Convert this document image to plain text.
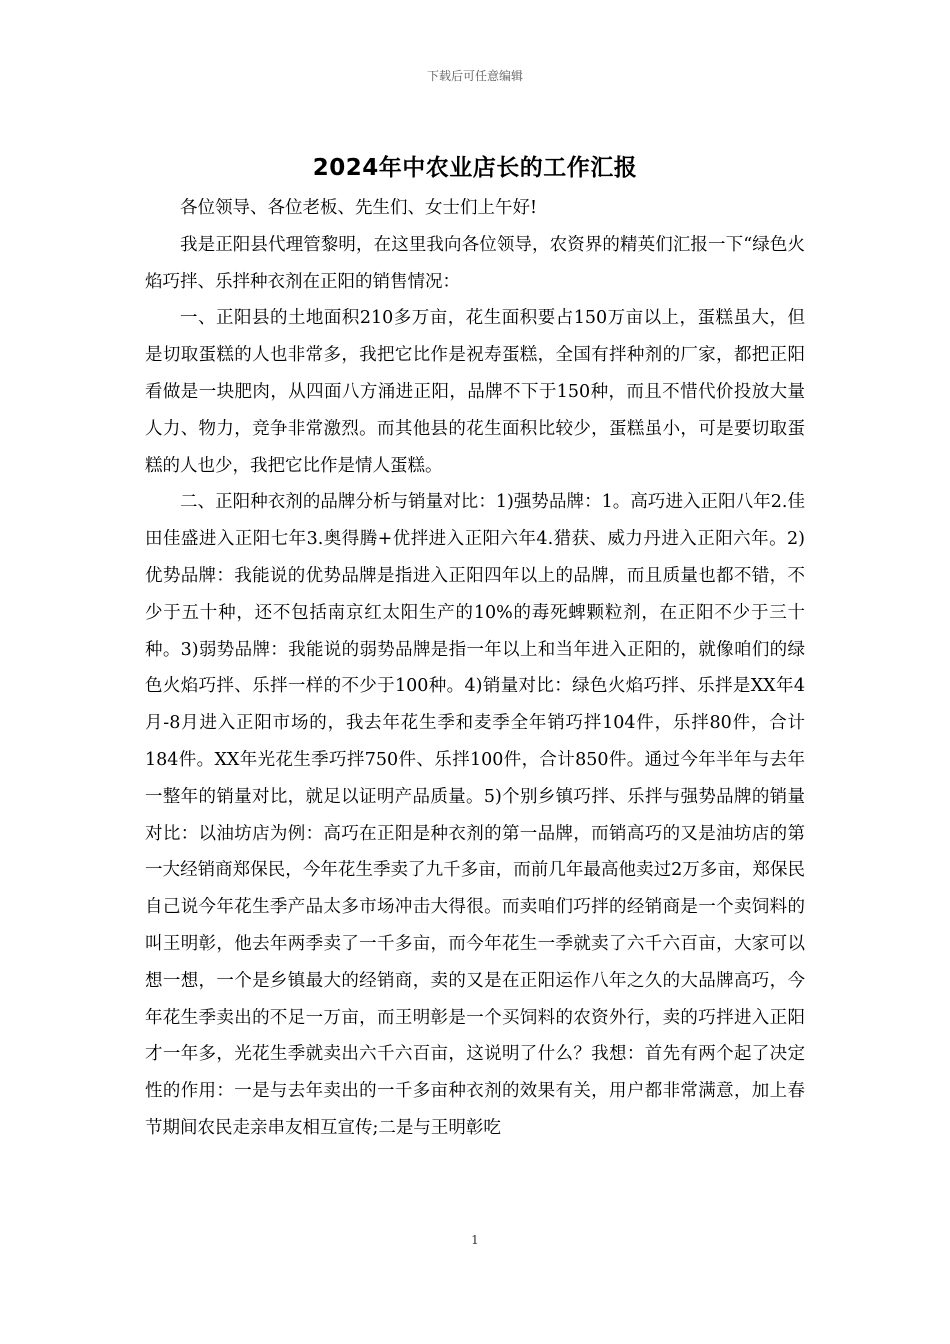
下载后可任意编辑
2024年中农业店长的工作汇报

各位领导、各位老板、先生们、女士们上午好!

我是正阳县代理管黎明，在这里我向各位领导，农资界的精英们汇报一下“绿色火焰巧拌、乐拌种衣剂在正阳的销售情况：

一、正阳县的土地面积210多万亩，花生面积要占150万亩以上，蛋糕虽大，但是切取蛋糕的人也非常多，我把它比作是祝寿蛋糕，全国有拌种剂的厂家，都把正阳看做是一块肥肉，从四面八方涌进正阳，品牌不下于150种，而且不惜代价投放大量人力、物力，竞争非常激烈。而其他县的花生面积比较少，蛋糕虽小，可是要切取蛋糕的人也少，我把它比作是情人蛋糕。

二、正阳种衣剂的品牌分析与销量对比：1)强势品牌：1。高巧进入正阳八年2.佳田佳盛进入正阳七年3.奥得腾+优拌进入正阳六年4.猎获、威力丹进入正阳六年。2)优势品牌：我能说的优势品牌是指进入正阳四年以上的品牌，而且质量也都不错，不少于五十种，还不包括南京红太阳生产的10%的毒死蜱颗粒剂，在正阳不少于三十种。3)弱势品牌：我能说的弱势品牌是指一年以上和当年进入正阳的，就像咱们的绿色火焰巧拌、乐拌一样的不少于100种。4)销量对比：绿色火焰巧拌、乐拌是XX年4月-8月进入正阳市场的，我去年花生季和麦季全年销巧拌104件，乐拌80件，合计184件。XX年光花生季巧拌750件、乐拌100件，合计850件。通过今年半年与去年一整年的销量对比，就足以证明产品质量。5)个别乡镇巧拌、乐拌与强势品牌的销量对比：以油坊店为例：高巧在正阳是种衣剂的第一品牌，而销高巧的又是油坊店的第一大经销商郑保民，今年花生季卖了九千多亩，而前几年最高他卖过2万多亩，郑保民自己说今年花生季产品太多市场冲击大得很。而卖咱们巧拌的经销商是一个卖饲料的叫王明彰，他去年两季卖了一千多亩，而今年花生一季就卖了六千六百亩，大家可以想一想，一个是乡镇最大的经销商，卖的又是在正阳运作八年之久的大品牌高巧，今年花生季卖出的不足一万亩，而王明彰是一个买饲料的农资外行，卖的巧拌进入正阳才一年多，光花生季就卖出六千六百亩，这说明了什么？我想：首先有两个起了决定性的作用：一是与去年卖出的一千多亩种衣剂的效果有关，用户都非常满意，加上春节期间农民走亲串友相互宣传;二是与王明彰吃

1
